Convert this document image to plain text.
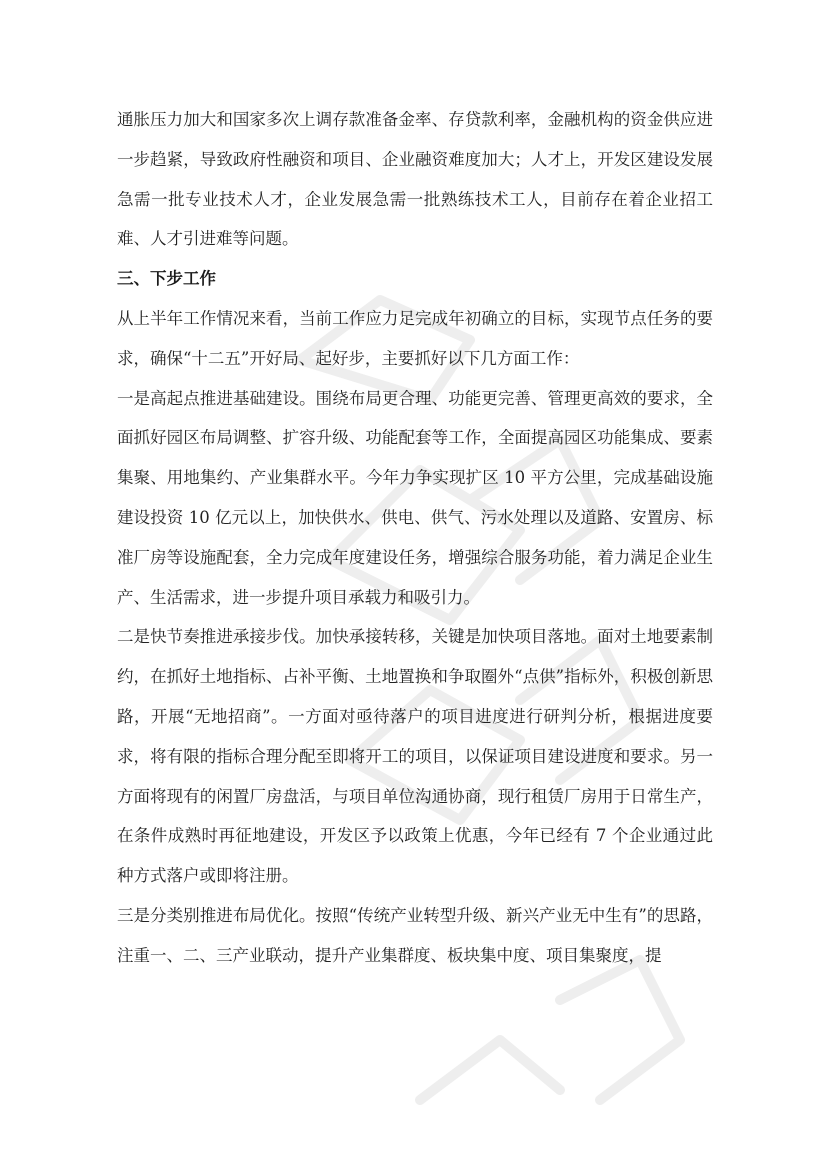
通胀压力加大和国家多次上调存款准备金率、存贷款利率，金融机构的资金供应进一步趋紧，导致政府性融资和项目、企业融资难度加大；人才上，开发区建设发展急需一批专业技术人才，企业发展急需一批熟练技术工人，目前存在着企业招工难、人才引进难等问题。

三、下步工作

从上半年工作情况来看，当前工作应力足完成年初确立的目标，实现节点任务的要求，确保“十二五”开好局、起好步，主要抓好以下几方面工作：

一是高起点推进基础建设。围绕布局更合理、功能更完善、管理更高效的要求，全面抓好园区布局调整、扩容升级、功能配套等工作，全面提高园区功能集成、要素集聚、用地集约、产业集群水平。今年力争实现扩区 10 平方公里，完成基础设施建设投资 10 亿元以上，加快供水、供电、供气、污水处理以及道路、安置房、标准厂房等设施配套，全力完成年度建设任务，增强综合服务功能，着力满足企业生产、生活需求，进一步提升项目承载力和吸引力。

二是快节奏推进承接步伐。加快承接转移，关键是加快项目落地。面对土地要素制约，在抓好土地指标、占补平衡、土地置换和争取圈外“点供”指标外，积极创新思路，开展“无地招商”。一方面对亟待落户的项目进度进行研判分析，根据进度要求，将有限的指标合理分配至即将开工的项目，以保证项目建设进度和要求。另一方面将现有的闲置厂房盘活，与项目单位沟通协商，现行租赁厂房用于日常生产，在条件成熟时再征地建设，开发区予以政策上优惠，今年已经有 7 个企业通过此种方式落户或即将注册。

三是分类别推进布局优化。按照“传统产业转型升级、新兴产业无中生有”的思路，注重一、二、三产业联动，提升产业集群度、板块集中度、项目集聚度，提
